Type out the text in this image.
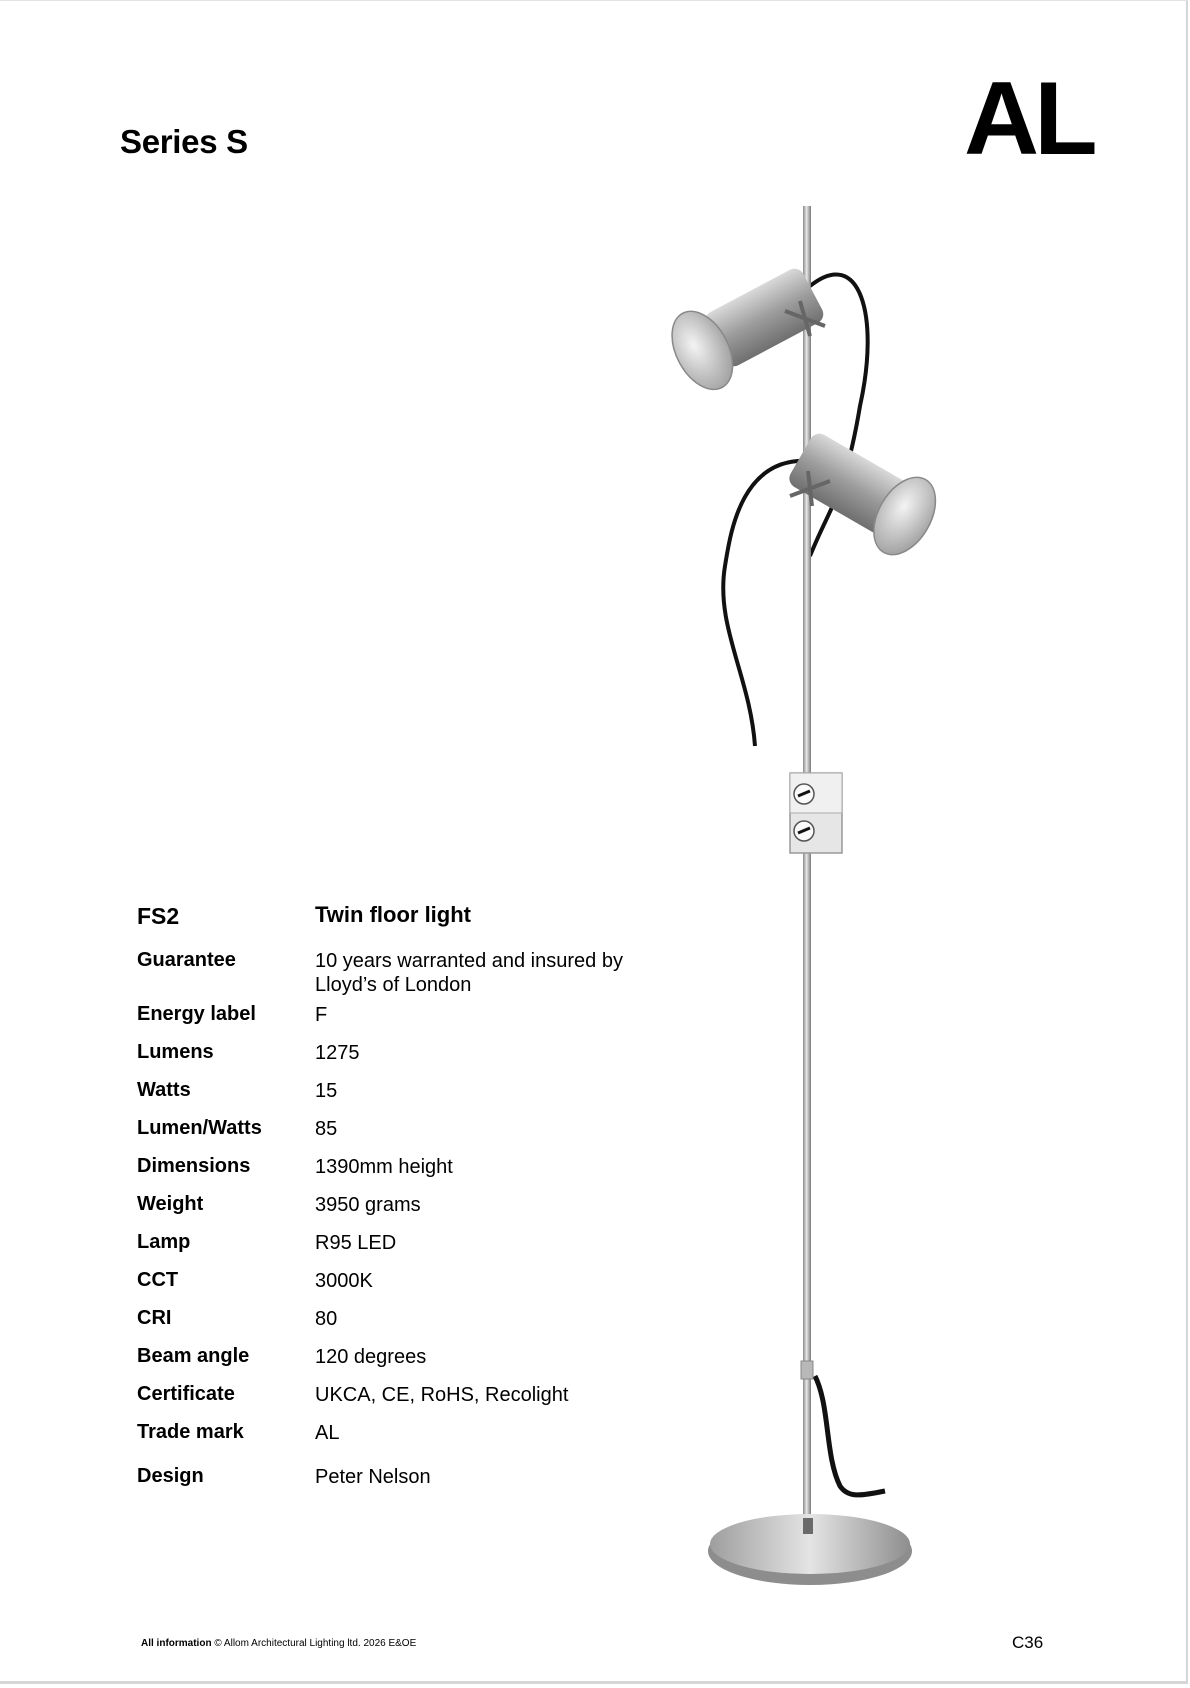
Series S	AL
FS2	Twin floor light
Guarantee	10 years warranted and insured by
Lloyd’s of London

Energy label	F
Lumens	1275
Watts	15
Lumen/Watts	85
Dimensions	1390mm height
Weight	3950 grams
Lamp	R95 LED
CCT	3000K
CRI	80
Beam angle	120 degrees
Certificate	UKCA, CE, RoHS, Recolight
Trade mark	AL
Design	Peter Nelson
All information © Allom Architectural Lighting ltd. 2026 E&OE	C36
